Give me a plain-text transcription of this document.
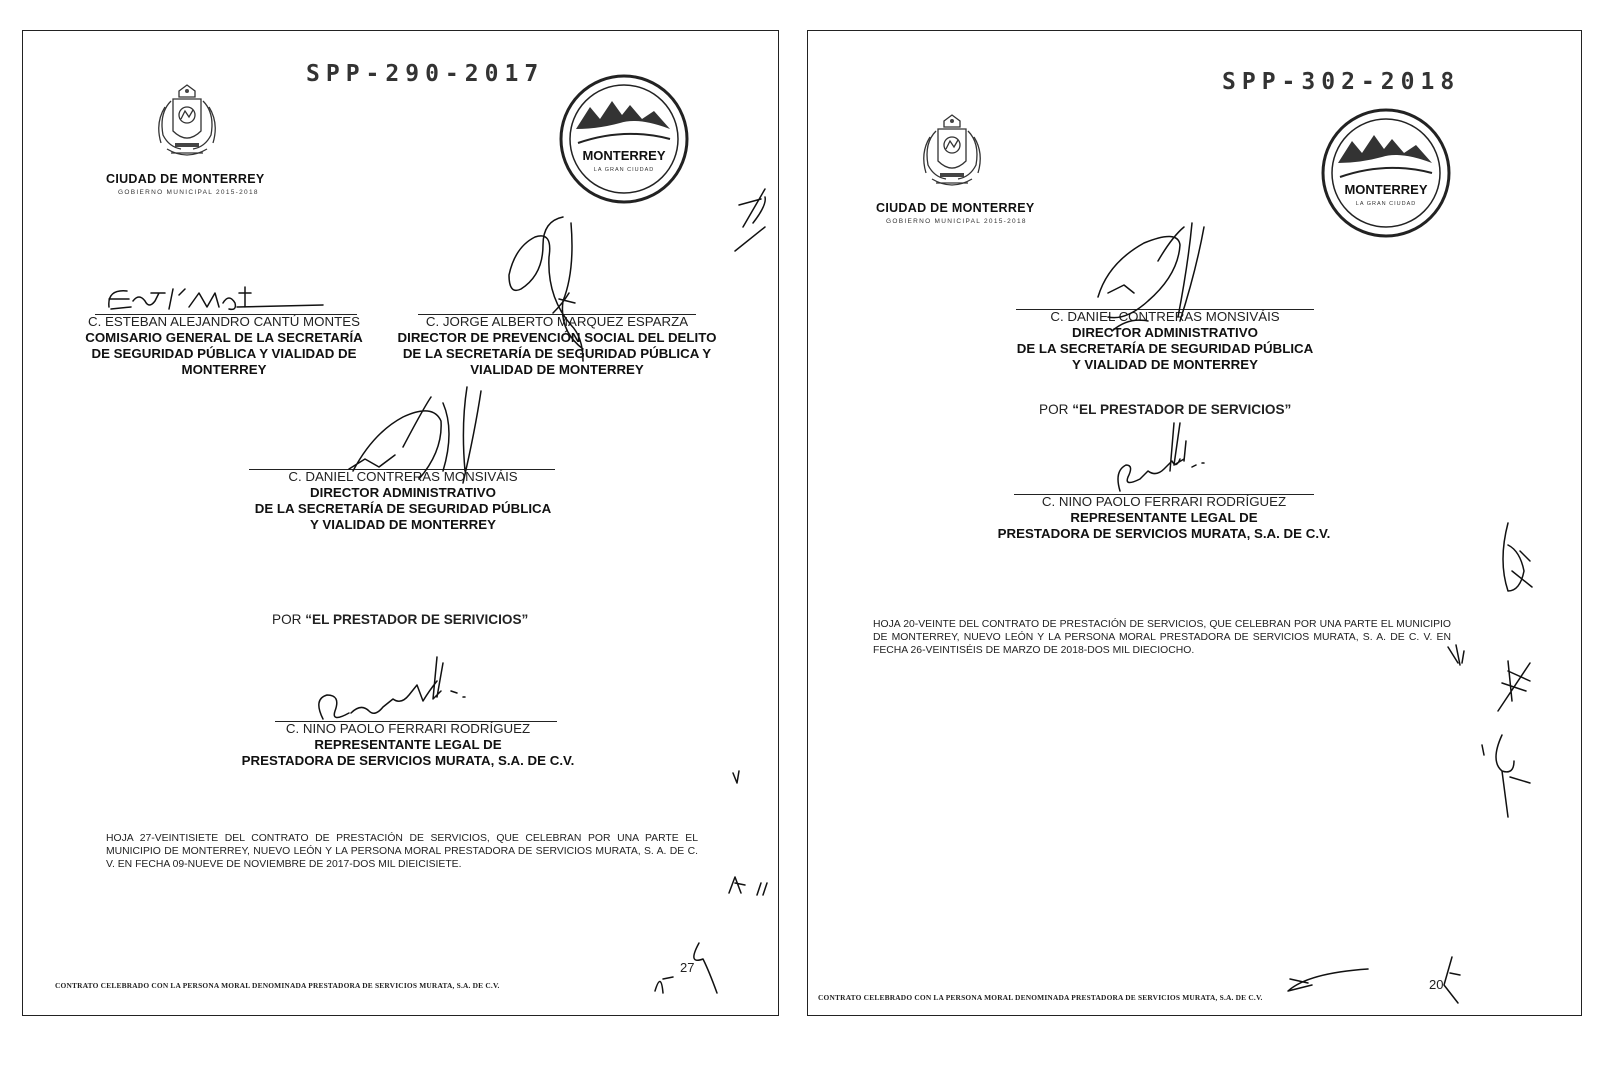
SPP-290-2017
CIUDAD DE MONTERREY
GOBIERNO MUNICIPAL 2015-2018
MONTERREY
LA GRAN CIUDAD
C. ESTEBAN ALEJANDRO CANTÚ MONTES
COMISARIO GENERAL DE LA SECRETARÍA
DE SEGURIDAD PÚBLICA Y VIALIDAD DE
MONTERREY
C. JORGE ALBERTO MARQUEZ ESPARZA
DIRECTOR DE PREVENCIÓN SOCIAL DEL DELITO
DE LA SECRETARÍA DE SEGURIDAD PÚBLICA Y
VIALIDAD DE MONTERREY
C. DANIEL CONTRERAS MONSIVÁIS
DIRECTOR ADMINISTRATIVO
DE LA SECRETARÍA DE SEGURIDAD PÚBLICA
Y VIALIDAD DE MONTERREY
POR “EL PRESTADOR DE SERIVICIOS”
C. NINO PAOLO FERRARI RODRÍGUEZ
REPRESENTANTE LEGAL DE
PRESTADORA DE SERVICIOS MURATA, S.A. DE C.V.
HOJA 27-VEINTISIETE DEL CONTRATO DE PRESTACIÓN DE SERVICIOS, QUE CELEBRAN POR UNA PARTE EL MUNICIPIO DE MONTERREY, NUEVO LEÓN Y LA PERSONA MORAL PRESTADORA DE SERVICIOS MURATA, S. A. DE C. V. EN FECHA 09-NUEVE DE NOVIEMBRE DE 2017-DOS MIL DIEICISIETE.
CONTRATO CELEBRADO CON LA PERSONA MORAL DENOMINADA PRESTADORA DE SERVICIOS MURATA, S.A. DE C.V.
27
SPP-302-2018
CIUDAD DE MONTERREY
GOBIERNO MUNICIPAL 2015-2018
MONTERREY
LA GRAN CIUDAD
C. DANIEL CONTRERAS MONSIVÁIS
DIRECTOR ADMINISTRATIVO
DE LA SECRETARÍA DE SEGURIDAD PÚBLICA
Y VIALIDAD DE MONTERREY
POR “EL PRESTADOR DE SERVICIOS”
C. NINO PAOLO FERRARI RODRÍGUEZ
REPRESENTANTE LEGAL DE
PRESTADORA DE SERVICIOS MURATA, S.A. DE C.V.
HOJA 20-VEINTE DEL CONTRATO DE PRESTACIÓN DE SERVICIOS, QUE CELEBRAN POR UNA PARTE EL MUNICIPIO DE MONTERREY, NUEVO LEÓN Y LA PERSONA MORAL PRESTADORA DE SERVICIOS MURATA, S. A. DE C. V. EN FECHA 26-VEINTISÉIS DE MARZO DE 2018-DOS MIL DIECIOCHO.
CONTRATO CELEBRADO CON LA PERSONA MORAL DENOMINADA PRESTADORA DE SERVICIOS MURATA, S.A. DE C.V.
20
